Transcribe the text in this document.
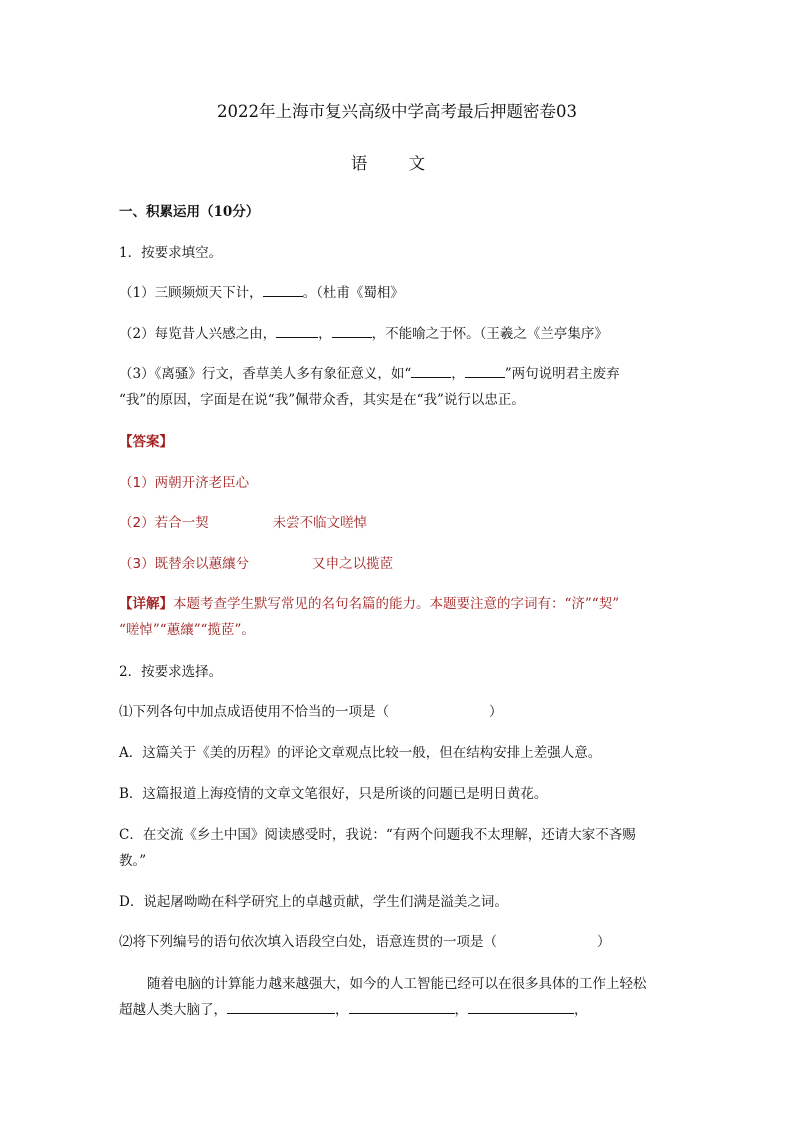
2022年上海市复兴高级中学高考最后押题密卷03
语 文
一、积累运用（10分）
1．按要求填空。
（1）三顾频烦天下计，	。（杜甫《蜀相》
（2）每览昔人兴感之由，	，	，不能喻之于怀。（王羲之《兰亭集序》
（3）《离骚》行文，香草美人多有象征意义，如“	，	”两句说明君主废弃
“我”的原因，字面是在说“我”佩带众香，其实是在“我”说行以忠正。
【答案】
（1）两朝开济老臣心
（2）若合一契	未尝不临文嗟悼
（3）既替余以蕙纕兮	又申之以揽茝
【详解】本题考查学生默写常见的名句名篇的能力。本题要注意的字词有：“济”“契”
“嗟悼”“蕙纕”“揽茝”。
2．按要求选择。
⑴下列各句中加点成语使用不恰当的一项是（	）
A．这篇关于《美的历程》的评论文章观点比较一般，但在结构安排上差强人意。
B．这篇报道上海疫情的文章文笔很好，只是所谈的问题已是明日黄花。
C．在交流《乡土中国》阅读感受时，我说：“有两个问题我不太理解，还请大家不吝赐
教。”
D．说起屠呦呦在科学研究上的卓越贡献，学生们满是溢美之词。
⑵将下列编号的语句依次填入语段空白处，语意连贯的一项是（	）
随着电脑的计算能力越来越强大，如今的人工智能已经可以在很多具体的工作上轻松
超越人类大脑了，	，	，	，
